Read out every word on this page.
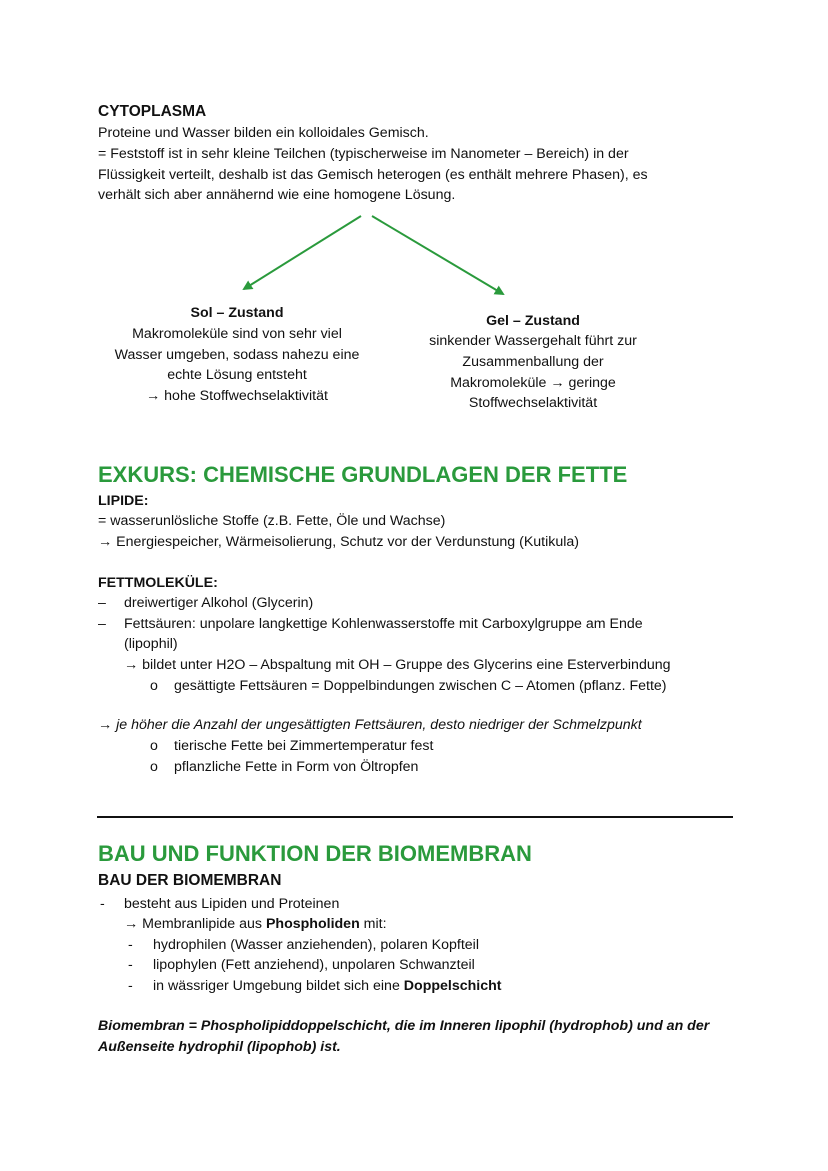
CYTOPLASMA
Proteine und Wasser bilden ein kolloidales Gemisch.
= Feststoff ist in sehr kleine Teilchen (typischerweise im Nanometer – Bereich) in der
Flüssigkeit verteilt, deshalb ist das Gemisch heterogen (es enthält mehrere Phasen), es
verhält sich aber annähernd wie eine homogene Lösung.
Sol – Zustand
Makromoleküle sind von sehr viel
Wasser umgeben, sodass nahezu eine
echte Lösung entsteht
→ hohe Stoffwechselaktivität
Gel – Zustand
sinkender Wassergehalt führt zur
Zusammenballung der
Makromoleküle → geringe
Stoffwechselaktivität
EXKURS: CHEMISCHE GRUNDLAGEN DER FETTE
LIPIDE:
= wasserunlösliche Stoffe (z.B. Fette, Öle und Wachse)
→ Energiespeicher, Wärmeisolierung, Schutz vor der Verdunstung (Kutikula)
FETTMOLEKÜLE:
– dreiwertiger Alkohol (Glycerin)
– Fettsäuren: unpolare langkettige Kohlenwasserstoffe mit Carboxylgruppe am Ende
(lipophil)
→ bildet unter H2O – Abspaltung mit OH – Gruppe des Glycerins eine Esterverbindung
o gesättigte Fettsäuren = Doppelbindungen zwischen C – Atomen (pflanz. Fette)
→ je höher die Anzahl der ungesättigten Fettsäuren, desto niedriger der Schmelzpunkt
o tierische Fette bei Zimmertemperatur fest
o pflanzliche Fette in Form von Öltropfen
BAU UND FUNKTION DER BIOMEMBRAN
BAU DER BIOMEMBRAN
- besteht aus Lipiden und Proteinen
→ Membranlipide aus Phospholiden mit:
- hydrophilen (Wasser anziehenden), polaren Kopfteil
- lipophylen (Fett anziehend), unpolaren Schwanzteil
- in wässriger Umgebung bildet sich eine Doppelschicht
Biomembran = Phospholipiddoppelschicht, die im Inneren lipophil (hydrophob) und an der
Außenseite hydrophil (lipophob) ist.
